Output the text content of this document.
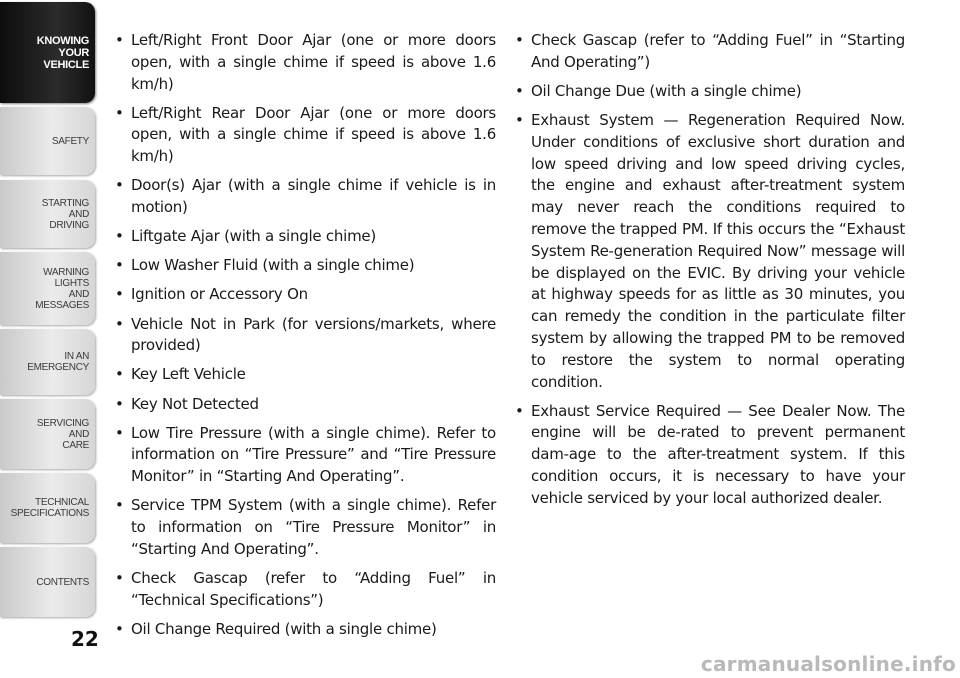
KNOWING
YOUR
VEHICLE
SAFETY
STARTING
AND
DRIVING
WARNING
LIGHTS
AND
MESSAGES
IN AN
EMERGENCY
SERVICING
AND
CARE
TECHNICAL
SPECIFICATIONS
CONTENTS
22
• Left/Right Front Door Ajar (one or more doors open, with a single chime if speed is above 1.6 km/h)
• Left/Right Rear Door Ajar (one or more doors open, with a single chime if speed is above 1.6 km/h)
• Door(s) Ajar (with a single chime if vehicle is in motion)
• Liftgate Ajar (with a single chime)
• Low Washer Fluid (with a single chime)
• Ignition or Accessory On
• Vehicle Not in Park (for versions/markets, where provided)
• Key Left Vehicle
• Key Not Detected
• Low Tire Pressure (with a single chime). Refer to information on “Tire Pressure” and “Tire Pressure Monitor” in “Starting And Operating”.
• Service TPM System (with a single chime). Refer to information on “Tire Pressure Monitor” in “Starting And Operating”.
• Check Gascap (refer to “Adding Fuel” in “Technical Specifications”)
• Oil Change Required (with a single chime)
• Check Gascap (refer to “Adding Fuel” in “Starting And Operating”)
• Oil Change Due (with a single chime)
• Exhaust System — Regeneration Required Now. Under conditions of exclusive short duration and low speed driving and low speed driving cycles, the engine and exhaust after-treatment system may never reach the conditions required to remove the trapped PM. If this occurs the “Exhaust System Re-generation Required Now” message will be displayed on the EVIC. By driving your vehicle at highway speeds for as little as 30 minutes, you can remedy the condition in the particulate filter system by allowing the trapped PM to be removed to restore the system to normal operating condition.
• Exhaust Service Required — See Dealer Now. The engine will be de-rated to prevent permanent dam-age to the after-treatment system. If this condition occurs, it is necessary to have your vehicle serviced by your local authorized dealer.
carmanualsonline.info
